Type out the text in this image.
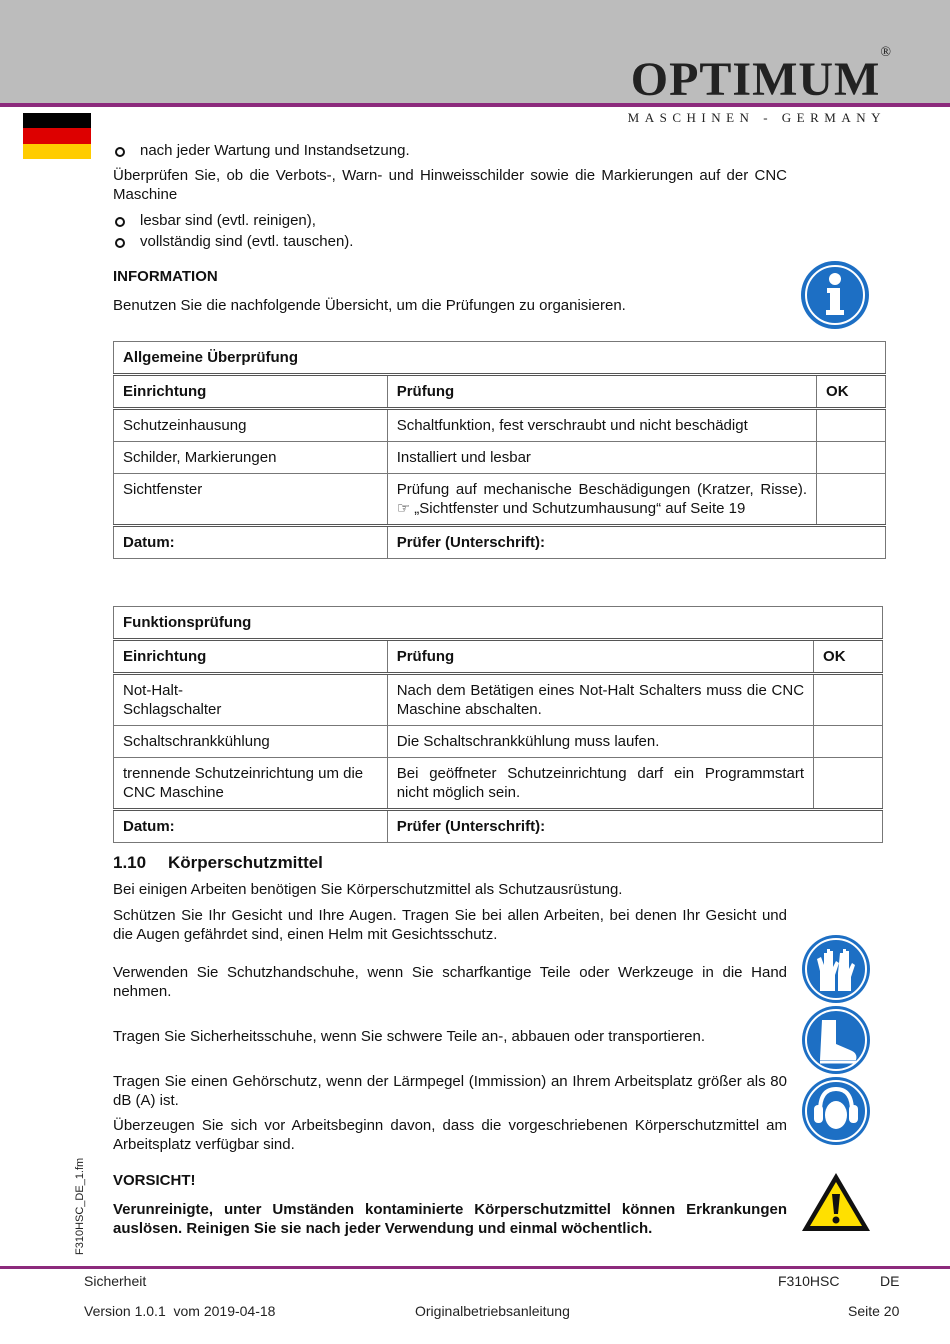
OPTIMUM®
MASCHINEN - GERMANY
nach jeder Wartung und Instandsetzung.
Überprüfen Sie, ob die Verbots-, Warn- und Hinweisschilder sowie die Markierungen auf der CNC Maschine
lesbar sind (evtl. reinigen),
vollständig sind (evtl. tauschen).
INFORMATION
Benutzen Sie die nachfolgende Übersicht, um die Prüfungen zu organisieren.
Allgemeine Überprüfung		
Einrichtung	Prüfung	OK
Schutzeinhausung	Schaltfunktion, fest verschraubt und nicht beschädigt	
Schilder, Markierungen	Installiert und lesbar	
Sichtfenster	Prüfung auf mechanische Beschädigungen (Kratzer, Risse). ☞ „Sichtfenster und Schutzumhausung“ auf Seite 19	
Datum:	Prüfer (Unterschrift):	
Funktionsprüfung		
Einrichtung	Prüfung	OK
Not-Halt-
Schlagschalter	Nach dem Betätigen eines Not-Halt Schalters muss die CNC Maschine abschalten.	
Schaltschrankkühlung	Die Schaltschrankkühlung muss laufen.	
trennende Schutzeinrichtung um die CNC Maschine	Bei geöffneter Schutzeinrichtung darf ein Programmstart nicht möglich sein.	
Datum:	Prüfer (Unterschrift):	
1.10 Körperschutzmittel
Bei einigen Arbeiten benötigen Sie Körperschutzmittel als Schutzausrüstung.
Schützen Sie Ihr Gesicht und Ihre Augen. Tragen Sie bei allen Arbeiten, bei denen Ihr Gesicht und die Augen gefährdet sind, einen Helm mit Gesichtsschutz.
Verwenden Sie Schutzhandschuhe, wenn Sie scharfkantige Teile oder Werkzeuge in die Hand nehmen.
Tragen Sie Sicherheitsschuhe, wenn Sie schwere Teile an-, abbauen oder transportieren.
Tragen Sie einen Gehörschutz, wenn der Lärmpegel (Immission) an Ihrem Arbeitsplatz größer als 80 dB (A) ist.
Überzeugen Sie sich vor Arbeitsbeginn davon, dass die vorgeschriebenen Körperschutzmittel am Arbeitsplatz verfügbar sind.
VORSICHT!
Verunreinigte, unter Umständen kontaminierte Körperschutzmittel können Erkrankungen auslösen. Reinigen Sie sie nach jeder Verwendung und einmal wöchentlich.
F310HSC_DE_1.fm
Sicherheit	F310HSC	DE
Version 1.0.1  vom 2019-04-18	Originalbetriebsanleitung	Seite 20
